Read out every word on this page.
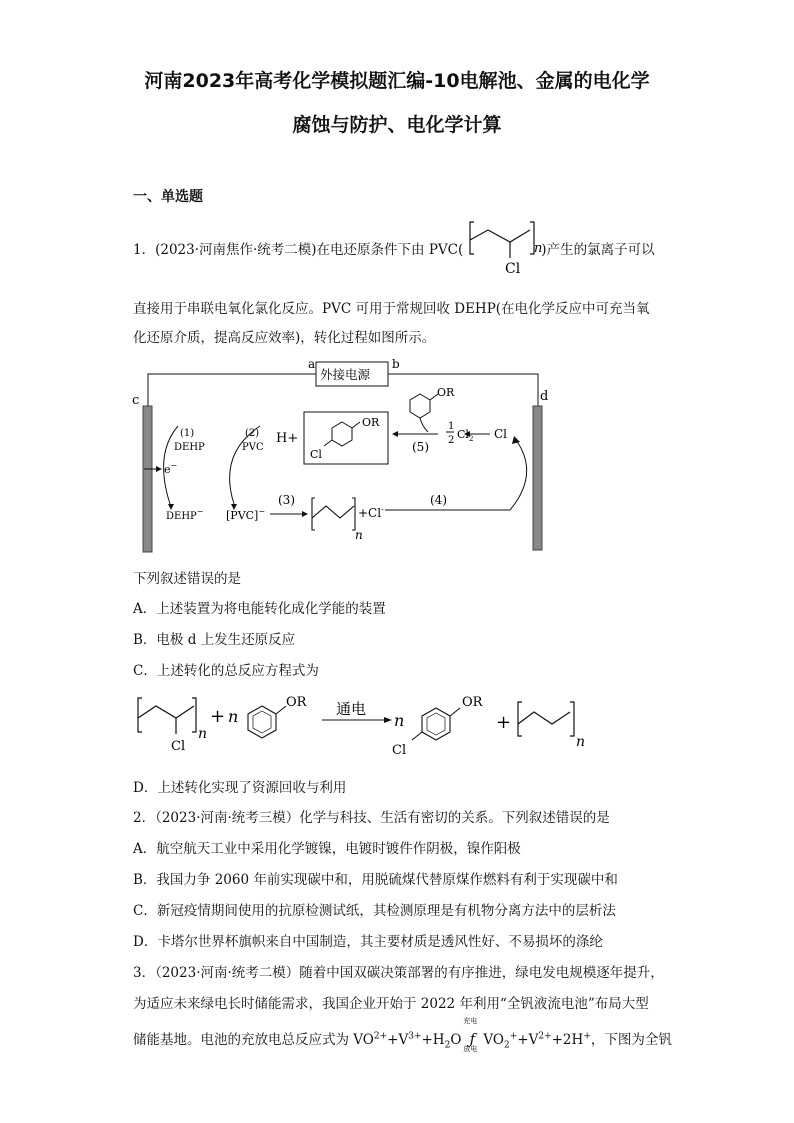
河南2023年高考化学模拟题汇编-10电解池、金属的电化学
腐蚀与防护、电化学计算
一、单选题
1．(2023·河南焦作·统考二模)在电还原条件下由 PVC(	)产生的氯离子可以
Cl
n
直接用于串联电氧化氯化反应。PVC 可用于常规回收 DEHP(在电化学反应中可充当氧
化还原介质，提高反应效率)，转化过程如图所示。
a	b
外接电源
c	d
(1)
DEHP
(2)
PVC
e−
DEHP− [PVC]−
(3)
n
+Cl-
(4)
Cl
1
2 $Cl_2$
(5)
OR
H+
OR
Cl
下列叙述错误的是
A．上述装置为将电能转化成化学能的装置
B．电极 d 上发生还原反应
C．上述转化的总反应方程式为
Cl
n
+ n
OR 通电
n
OR
Cl
+
n
D．上述转化实现了资源回收与利用
2．（2023·河南·统考三模）化学与科技、生活有密切的关系。下列叙述错误的是
A．航空航天工业中采用化学镀镍，电镀时镀件作阴极，镍作阳极
B．我国力争 2060 年前实现碳中和，用脱硫煤代替原煤作燃料有利于实现碳中和
C．新冠疫情期间使用的抗原检测试纸，其检测原理是有机物分离方法中的层析法
D．卡塔尔世界杯旗帜来自中国制造，其主要材质是透风性好、不易损坏的涤纶
3．（2023·河南·统考二模）随着中国双碳决策部署的有序推进，绿电发电规模逐年提升，
为适应未来绿电长时储能需求，我国企业开始于 2022 年利用“全钒液流电池”布局大型
储能基地。电池的充放电总反应式为 $VO^{2+}+V^{3+}+H_2O$
充电
ƒ
放电
$VO_2^++V^{2+}+2H^+$，下图为全钒
